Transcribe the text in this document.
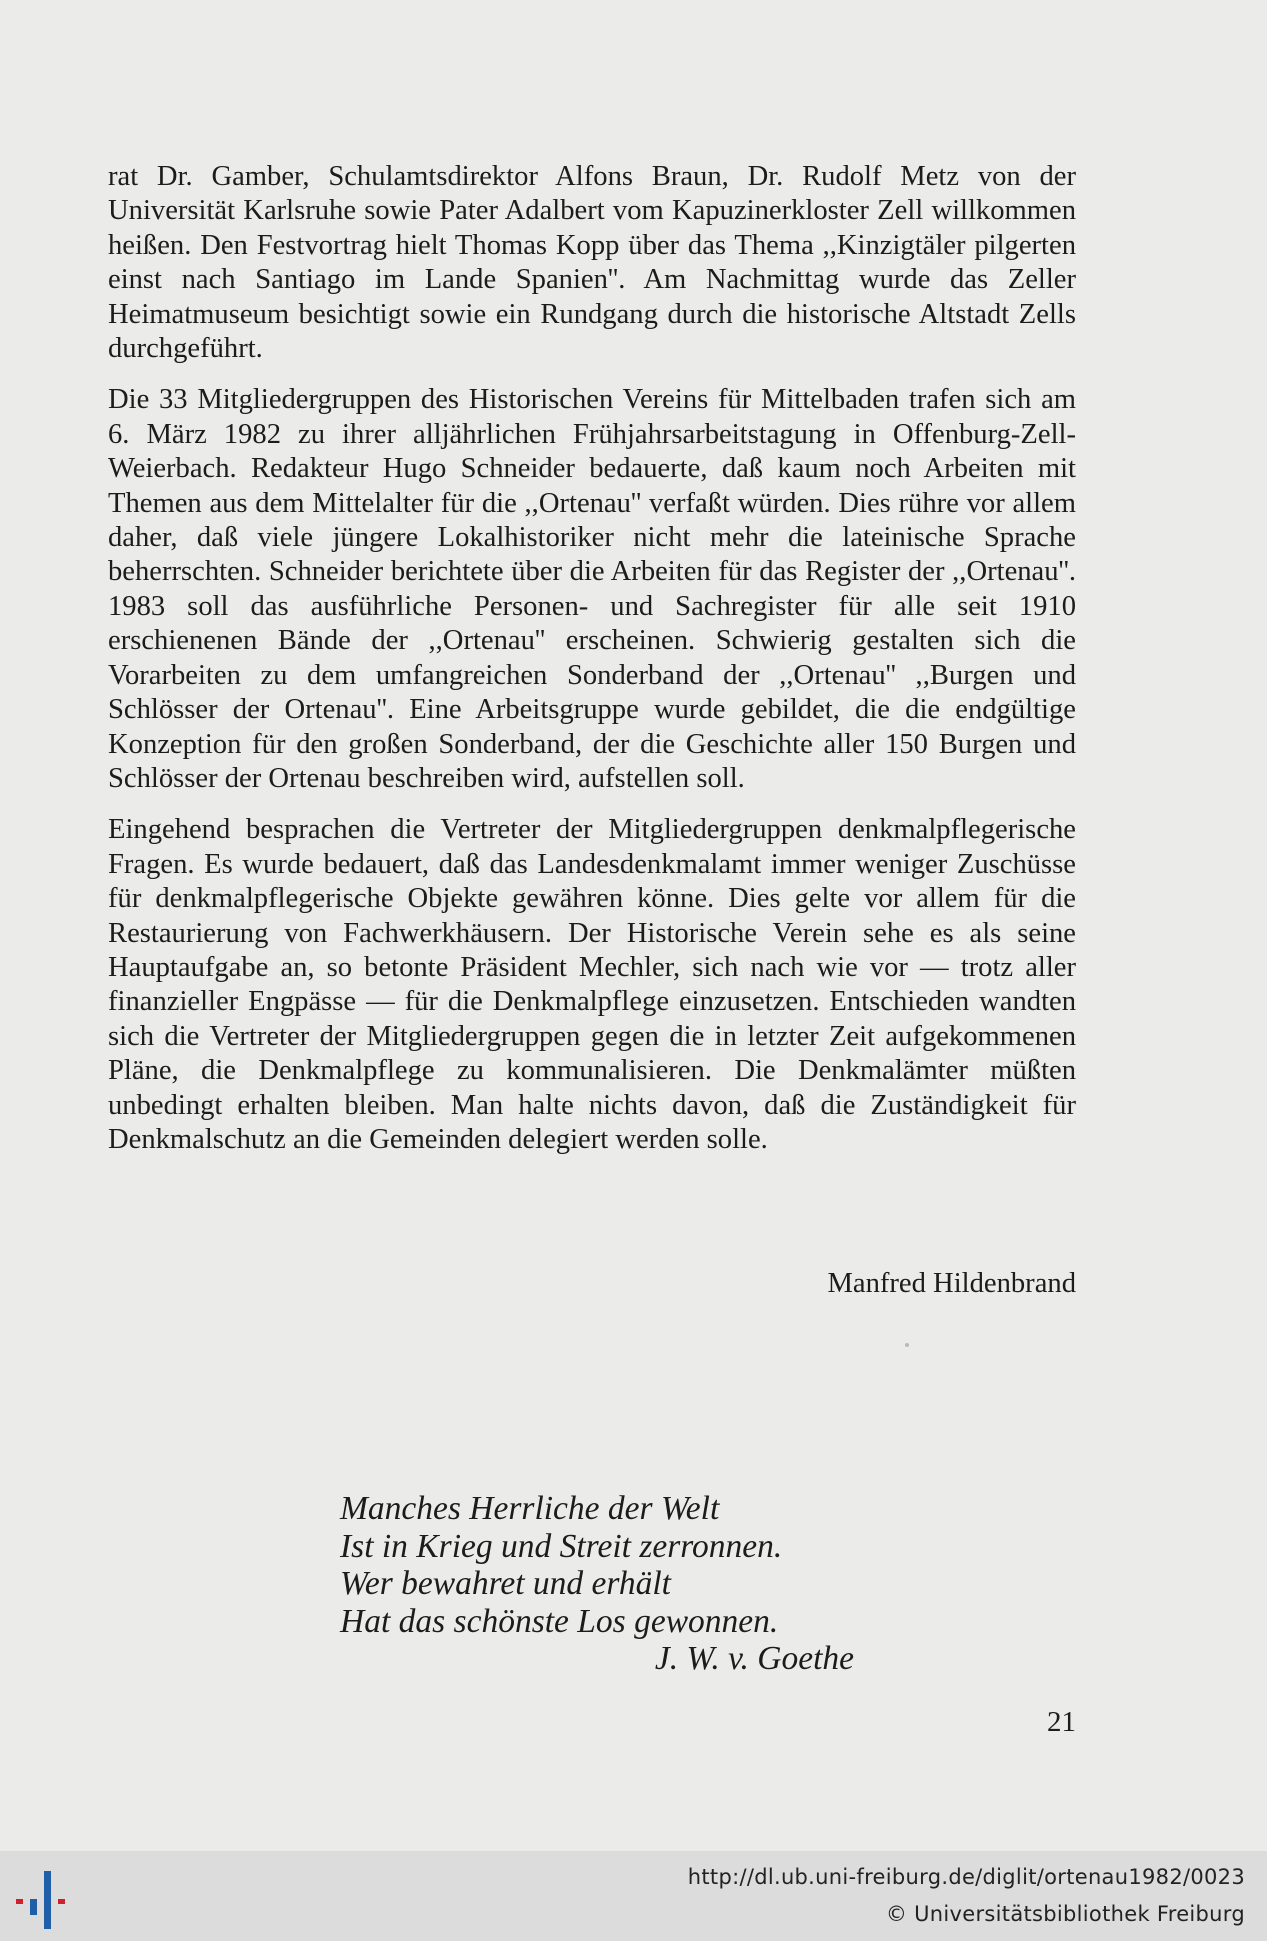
rat Dr. Gamber, Schulamtsdirektor Alfons Braun, Dr. Rudolf Metz von der Universität Karlsruhe sowie Pater Adalbert vom Kapuzinerkloster Zell willkommen heißen. Den Festvortrag hielt Thomas Kopp über das Thema ,,Kinzigtäler pilgerten einst nach Santiago im Lande Spanien''. Am Nachmittag wurde das Zeller Heimatmuseum besichtigt sowie ein Rundgang durch die historische Altstadt Zells durchgeführt.

Die 33 Mitgliedergruppen des Historischen Vereins für Mittelbaden trafen sich am 6. März 1982 zu ihrer alljährlichen Frühjahrsarbeitstagung in Offenburg-Zell-Weierbach. Redakteur Hugo Schneider bedauerte, daß kaum noch Arbeiten mit Themen aus dem Mittelalter für die ,,Ortenau'' verfaßt würden. Dies rühre vor allem daher, daß viele jüngere Lokalhistoriker nicht mehr die lateinische Sprache beherrschten. Schneider berichtete über die Arbeiten für das Register der ,,Ortenau''. 1983 soll das ausführliche Personen- und Sachregister für alle seit 1910 erschienenen Bände der ,,Ortenau'' erscheinen. Schwierig gestalten sich die Vorarbeiten zu dem umfangreichen Sonderband der ,,Ortenau'' ,,Burgen und Schlösser der Ortenau''. Eine Arbeitsgruppe wurde gebildet, die die endgültige Konzeption für den großen Sonderband, der die Geschichte aller 150 Burgen und Schlösser der Ortenau beschreiben wird, aufstellen soll.

Eingehend besprachen die Vertreter der Mitgliedergruppen denkmalpflegerische Fragen. Es wurde bedauert, daß das Landesdenkmalamt immer weniger Zuschüsse für denkmalpflegerische Objekte gewähren könne. Dies gelte vor allem für die Restaurierung von Fachwerkhäusern. Der Historische Verein sehe es als seine Hauptaufgabe an, so betonte Präsident Mechler, sich nach wie vor — trotz aller finanzieller Engpässe — für die Denkmalpflege einzusetzen. Entschieden wandten sich die Vertreter der Mitgliedergruppen gegen die in letzter Zeit aufgekommenen Pläne, die Denkmalpflege zu kommunalisieren. Die Denkmalämter müßten unbedingt erhalten bleiben. Man halte nichts davon, daß die Zuständigkeit für Denkmalschutz an die Gemeinden delegiert werden solle.

Manfred Hildenbrand
Manches Herrliche der Welt
Ist in Krieg und Streit zerronnen.
Wer bewahret und erhält
Hat das schönste Los gewonnen.
J. W. v. Goethe
21
http://dl.ub.uni-freiburg.de/diglit/ortenau1982/0023
© Universitätsbibliothek Freiburg
